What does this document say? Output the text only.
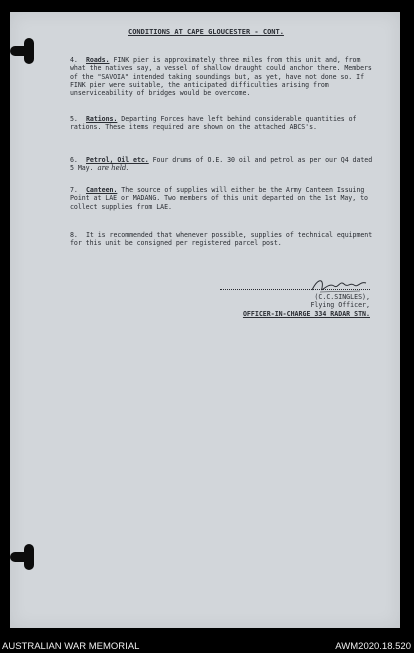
CONDITIONS AT CAPE GLOUCESTER - CONT.
4. Roads. FINK pier is approximately three miles from this unit and, from what the natives say, a vessel of shallow draught could anchor there. Members of the "SAVOIA" intended taking soundings but, as yet, have not done so. If FINK pier were suitable, the anticipated difficulties arising from unserviceability of bridges would be overcome.
5. Rations. Departing Forces have left behind considerable quantities of rations. These items required are shown on the attached ABCS's.
6. Petrol, Oil etc. Four drums of O.E. 30 oil and petrol as per our Q4 dated 5 May. are held.
7. Canteen. The source of supplies will either be the Army Canteen Issuing Point at LAE or MADANG. Two members of this unit departed on the 1st May, to collect supplies from LAE.
8. It is recommended that whenever possible, supplies of technical equipment for this unit be consigned per registered parcel post.
(C.C.SINGLES),
Flying Officer,
OFFICER-IN-CHARGE 334 RADAR STN.
AUSTRALIAN WAR MEMORIAL	AWM2020.18.520
